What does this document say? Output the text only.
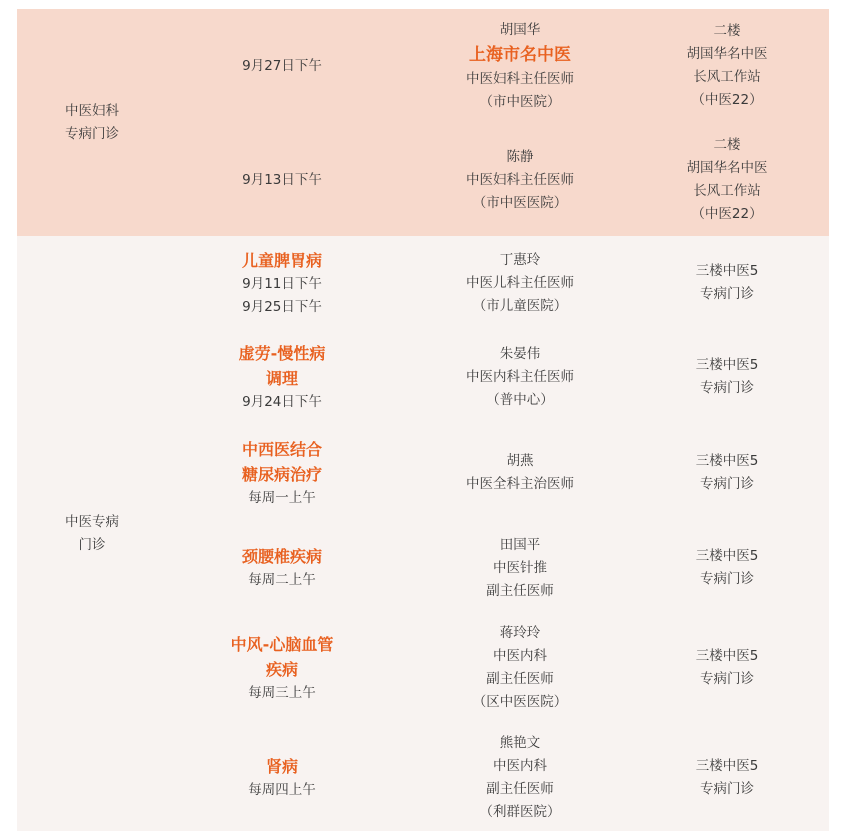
中医妇科
专病门诊
9月27日下午
胡国华
上海市名中医
中医妇科主任医师
（市中医院）
二楼
胡国华名中医
长风工作站
（中医22）
9月13日下午
陈静
中医妇科主任医师
（市中医医院）
二楼
胡国华名中医
长风工作站
（中医22）
中医专病
门诊
儿童脾胃病
9月11日下午
9月25日下午
丁惠玲
中医儿科主任医师
（市儿童医院）
三楼中医5
专病门诊
虚劳-慢性病
调理
9月24日下午
朱晏伟
中医内科主任医师
（普中心）
三楼中医5
专病门诊
中西医结合
糖尿病治疗
每周一上午
胡燕
中医全科主治医师
三楼中医5
专病门诊
颈腰椎疾病
每周二上午
田国平
中医针推
副主任医师
三楼中医5
专病门诊
中风-心脑血管
疾病
每周三上午
蒋玲玲
中医内科
副主任医师
（区中医医院）
三楼中医5
专病门诊
肾病
每周四上午
熊艳文
中医内科
副主任医师
（利群医院）
三楼中医5
专病门诊
